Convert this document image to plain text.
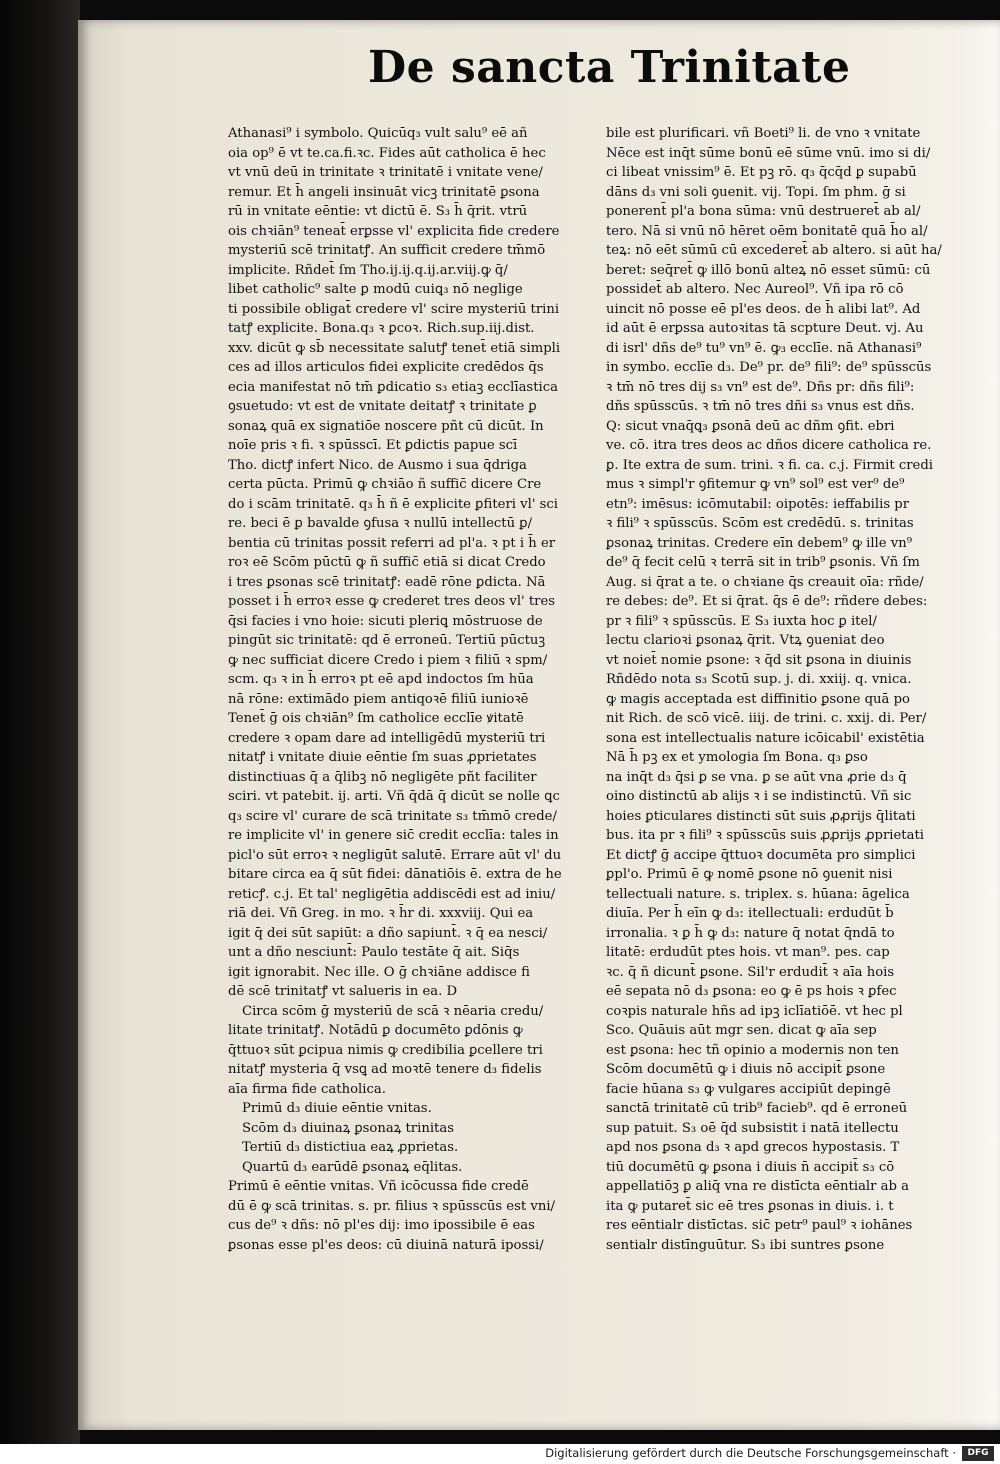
De sancta Trinitate

Athanasi⁹ i symbolo. Quicūq₃ vult salu⁹ eē añ

oia op⁹ ē vt te.ca.fi.ꝛc. Fides aūt catholica ē hec

vt vnū deū in trinitate ꝛ trinitatē i vnitate vene/

remur. Et h̄ angeli insinuāt vicꝫ trinitatē ꝑsona

rū in vnitate eēntie: vt dictū ē. S₃ h̄ q̄rit. vtrū

ois chꝛiān⁹ teneat̄ erꝑsse vl' explicita fide credere

mysteriū scē trinitatꝭ. An sufficit credere tm̄mō

implicite. Rñdet̄ ſm Tho.ij.ij.q.ij.ar.viij.ꝙ q̄/

libet catholic⁹ salte ꝑ modū cuiꝗ₃ nō neglige

ti possibile obligat̄ credere vl' scire mysteriū trini

tatꝭ explicite. Bona.q₃ ꝛ ꝑcoꝛ. Rich.sup.iij.dist.

xxv. dicūt ꝙ sb̄ necessitate salutꝭ tenet̄ etiā simpli

ces ad illos articulos fidei explicite credēdos q̄s

ecia manifestat nō tm̄ ꝑdicatio s₃ etiaꝫ ecclīastica

ꝯsuetudo: vt est de vnitate deitatꝭ ꝛ trinitate ꝑ

sonaꝝ quā ex signatiōe noscere pñt cū dicūt. In

noīe pris ꝛ fi. ꝛ spūsscī. Et ꝑdictis papue scī

Tho. dictꝭ infert Nico. de Ausmo i sua q̄driga

certa pūcta. Primū ꝙ chꝛiāo ñ suffic̄ dicere Cre

do i scām trinitatē. q₃ h̄ ñ ē explicite ꝑfiteri vl' sci

re. beci ē ꝑ bavalde ꝯfusa ꝛ nullū intellectū ꝑ/

bentia cū trinitas possit referri ad pl'a. ꝛ pt i h̄ er

roꝛ eē Scōm pūctū ꝙ ñ suffic̄ etiā si dicat Credo

i tres ꝑsonas scē trinitatꝭ: eadē rōne ꝑdicta. Nā

posset i h̄ erroꝛ esse ꝙ crederet tres deos vl' tres

q̄si facies i vno hoie: sicuti pleriꝗ mōstruose de

pingūt sic trinitatē: qd ē erroneū. Tertiū pūctuꝫ

ꝙ nec sufficiat dicere Credo i piem ꝛ filiū ꝛ spm/

scm. q₃ ꝛ in h̄ erroꝛ pt eē apd indoctos ſm hūa

nā rōne: extimādo piem antiqoꝛē filiū iunioꝛē

Tenet̄ ḡ ois chꝛiān⁹ ſm catholice ecclīe ꝟitatē

credere ꝛ opam dare ad intelligēdū mysteriū tri

nitatꝭ i vnitate diuie eēntie ſm suas ꝓprietates

distinctiuas q̄ a q̄libꝫ nō negligēte pñt faciliter

sciri. vt patebit. ij. arti. Vñ q̄dā q̄ dicūt se nolle ꝗc

q₃ scire vl' curare de scā trinitate s₃ tm̄mō crede/

re implicite vl' in genere sic̄ credit ecclīa: tales in

picl'o sūt erroꝛ ꝛ negligūt salutē. Errare aūt vl' du

bitare circa ea q̄ sūt fidei: dānatiōis ē. extra de he

reticꝭ. c.j. Et tal' negligētia addiscēdi est ad iniu/

riā dei. Vñ Greg. in mo. ꝛ h̄r di. xxxviij. Qui ea

igit q̄ dei sūt sapiūt: a dño sapiunt̄. ꝛ q̄ ea nesci/

unt a dño nesciunt̄: Paulo testāte q̄ ait. Siq̄s

igit ignorabit. Nec ille. O ḡ chꝛiāne addisce fi

dē scē trinitatꝭ vt salueris in ea. D

Circa scōm ḡ mysteriū de scā ꝛ nēaria credu/

litate trinitatꝭ. Notādū ꝑ documēto ꝑdōnis ꝙ

q̄ttuoꝛ sūt ꝑcipua nimis ꝙ credibilia ꝑcellere tri

nitatꝭ mysteria q̄ vsꝗ ad moꝛtē tenere d₃ fidelis

aīa firma fide catholica.

Primū d₃ diuie eēntie vnitas.

Scōm d₃ diuinaꝝ ꝑsonaꝝ trinitas

Tertiū d₃ distictiua eaꝝ ꝓprietas.

Quartū d₃ earūdē ꝑsonaꝝ eq̄litas.

Primū ē eēntie vnitas. Vñ icōcussa fide credē

dū ē ꝙ scā trinitas. s. pr. filius ꝛ spūsscūs est vni/

cus de⁹ ꝛ dñs: nō pl'es dij: imo ipossibile ē eas

ꝑsonas esse pl'es deos: cū diuinā naturā ipossi/

bile est plurificari. vñ Boeti⁹ li. de vno ꝛ vnitate

Nēce est inq̄t sūme bonū eē sūme vnū. imo si di/

ci libeat vnissim⁹ ē. Et pꝫ rō. q₃ q̄cq̄d ꝑ supabū

dāns d₃ vni soli ꝯuenit. vij. Topi. ſm phm. ḡ si

ponerent̄ pl'a bona sūma: vnū destrueret̄ ab al/

tero. Nā si vnū nō hēret oēm bonitatē quā h̄o al/

teꝝ: nō eēt sūmū cū excederet̄ ab altero. si aūt ha/

beret: seq̄ret̄ ꝙ illō bonū alteꝝ nō esset sūmū: cū

possidet̄ ab altero. Nec Aureol⁹. Vñ ipa rō cō

uincit nō posse eē pl'es deos. de h̄ alibi lat⁹. Ad

id aūt ē erꝑssa autoꝛitas tā scpture Deut. vj. Au

di isrl' dñs de⁹ tu⁹ vn⁹ ē. ꝙ₃ ecclīe. nā Athanasi⁹

in symbo. ecclīe d₃. De⁹ pr. de⁹ fili⁹: de⁹ spūsscūs

ꝛ tm̄ nō tres dij s₃ vn⁹ est de⁹. Dñs pr: dñs fili⁹:

dñs spūsscūs. ꝛ tm̄ nō tres dñi s₃ vnus est dñs.

Q: sicut vnaq̄ꝗ₃ ꝑsonā deū ac dñm ꝯfit. ebri

ve. cō. itra tres deos ac dños dicere catholica re.

ꝑ. Ite extra de sum. trini. ꝛ fi. ca. c.j. Firmit credi

mus ꝛ simpl'r ꝯfitemur ꝙ vn⁹ sol⁹ est ver⁹ de⁹

etn⁹: imēsus: icōmutabil: oipotēs: ieffabilis pr

ꝛ fili⁹ ꝛ spūsscūs. Scōm est credēdū. s. trinitas

ꝑsonaꝝ trinitas. Credere eīn debem⁹ ꝙ ille vn⁹

de⁹ q̄ fecit celū ꝛ terrā sit in trib⁹ ꝑsonis. Vñ ſm

Aug. si q̄rat a te. o chꝛiane q̄s creauit oīa: rñde/

re debes: de⁹. Et si q̄rat. q̄s ē de⁹: rñdere debes:

pr ꝛ fili⁹ ꝛ spūsscūs. E S₃ iuxta hoc ꝑ itel/

lectu clarioꝛi ꝑsonaꝝ q̄rit. Vtꝝ ꝯueniat deo

vt noiet̄ nomie ꝑsone: ꝛ q̄d sit ꝑsona in diuinis

Rñdēdo nota s₃ Scotū sup. j. di. xxiij. q. vnica.

ꝙ magis acceptada est diffinitio ꝑsone quā po

nit Rich. de scō vicē. iiij. de trini. c. xxij. di. Per/

sona est intellectualis nature icōicabil' existētia

Nā h̄ pꝫ ex et ymologia ſm Bona. q₃ ꝑso

na inq̄t d₃ q̄si ꝑ se vna. ꝑ se aūt vna ꝓrie d₃ q̄

oino distinctū ab alijs ꝛ i se indistinctū. Vñ sic

hoies ꝑticulares distincti sūt suis ꝓꝓrijs q̄litati

bus. ita pr ꝛ fili⁹ ꝛ spūsscūs suis ꝓꝓrijs ꝓprietati

Et dictꝭ ḡ accipe q̄ttuoꝛ documēta pro simplici

ꝑpl'o. Primū ē ꝙ nomē ꝑsone nō ꝯuenit nisi

tellectuali nature. s. triplex. s. hūana: āgelica

diuīa. Per h̄ eīn ꝙ d₃: itellectuali: erdudūt b̄

irronalia. ꝛ ꝑ h̄ ꝙ d₃: nature q̄ notat q̄ndā to

litatē: erdudūt ptes hois. vt man⁹. pes. cap

ꝛc. q̄ ñ dicunt̄ ꝑsone. Sil'r erdudit̄ ꝛ aīa hois

eē sepata nō d₃ ꝑsona: eo ꝙ ē ps hois ꝛ ꝑfec

coꝛpis naturale hñs ad ipꝫ iclīatiōē. vt hec pl

Sco. Quāuis aūt mgr sen. dicat ꝙ aīa sep

est ꝑsona: hec tñ opinio a modernis non ten

Scōm documētū ꝙ i diuis nō accipit̄ ꝑsone

facie hūana s₃ ꝙ vulgares accipiūt depingē

sanctā trinitatē cū trib⁹ facieb⁹. qd ē erroneū

sup patuit. S₃ oē q̄d subsistit i natā itellectu

apd nos ꝑsona d₃ ꝛ apd grecos hypostasis. T

tiū documētū ꝙ ꝑsona i diuis n̄ accipit̄ s₃ cō

appellatiōꝫ ꝑ aliq̄ vna re distīcta eēntialr ab a

ita ꝙ putaret̄ sic eē tres ꝑsonas in diuis. i. t

res eēntialr distīctas. sic̄ petr⁹ paul⁹ ꝛ iohānes

sentialr distīnguūtur. S₃ ibi suntres ꝑsone

Digitalisierung gefördert durch die Deutsche Forschungsgemeinschaft ·	DFG
